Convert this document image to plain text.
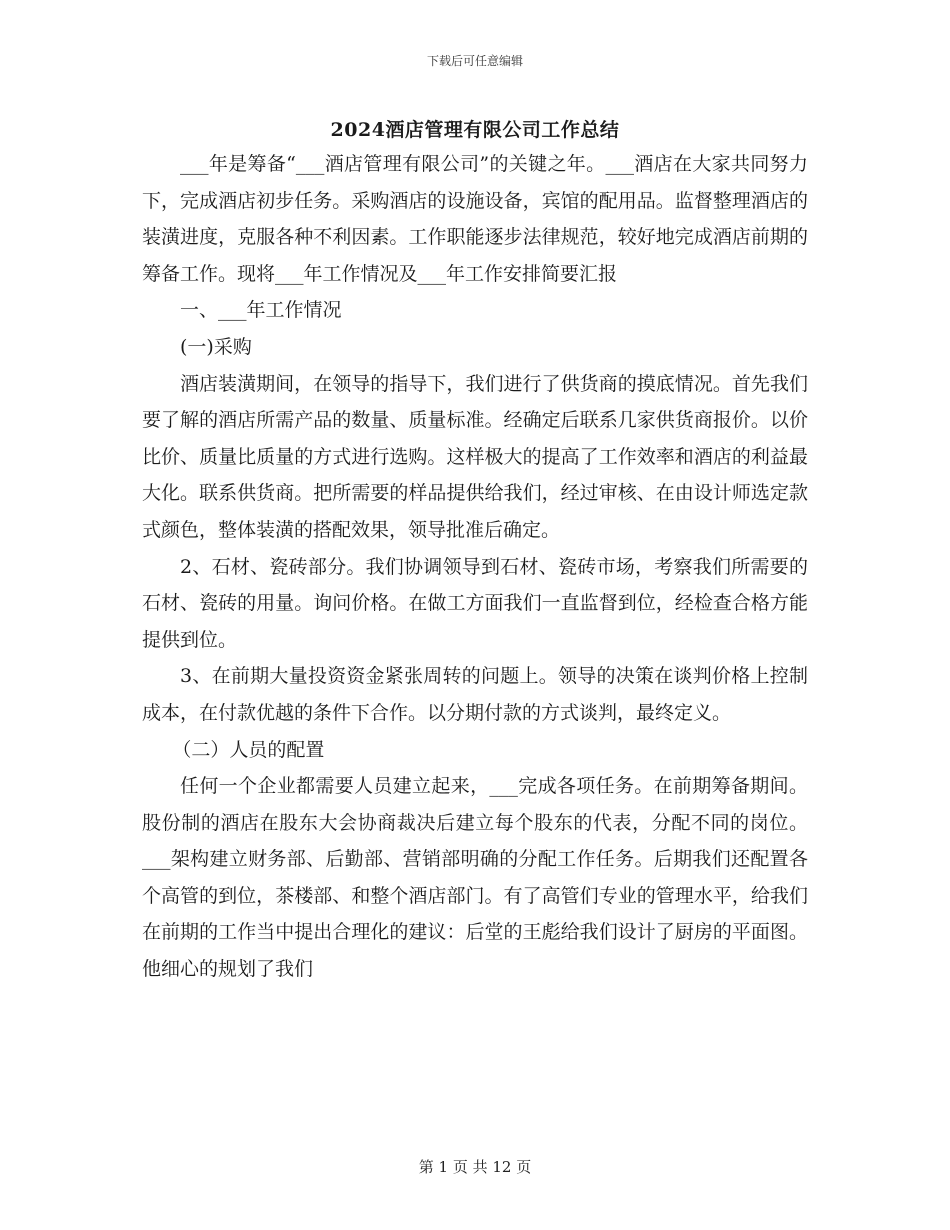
下载后可任意编辑
2024酒店管理有限公司工作总结

___年是筹备“___酒店管理有限公司”的关键之年。___酒店在大家共同努力下，完成酒店初步任务。采购酒店的设施设备，宾馆的配用品。监督整理酒店的装潢进度，克服各种不利因素。工作职能逐步法律规范，较好地完成酒店前期的筹备工作。现将___年工作情况及___年工作安排简要汇报

一、___年工作情况

(一)采购

酒店装潢期间，在领导的指导下，我们进行了供货商的摸底情况。首先我们要了解的酒店所需产品的数量、质量标准。经确定后联系几家供货商报价。以价比价、质量比质量的方式进行选购。这样极大的提高了工作效率和酒店的利益最大化。联系供货商。把所需要的样品提供给我们，经过审核、在由设计师选定款式颜色，整体装潢的搭配效果，领导批准后确定。

2、石材、瓷砖部分。我们协调领导到石材、瓷砖市场，考察我们所需要的石材、瓷砖的用量。询问价格。在做工方面我们一直监督到位，经检查合格方能提供到位。

3、在前期大量投资资金紧张周转的问题上。领导的决策在谈判价格上控制成本，在付款优越的条件下合作。以分期付款的方式谈判，最终定义。

（二）人员的配置

任何一个企业都需要人员建立起来，___完成各项任务。在前期筹备期间。股份制的酒店在股东大会协商裁决后建立每个股东的代表，分配不同的岗位。___架构建立财务部、后勤部、营销部明确的分配工作任务。后期我们还配置各个高管的到位，茶楼部、和整个酒店部门。有了高管们专业的管理水平，给我们在前期的工作当中提出合理化的建议：后堂的王彪给我们设计了厨房的平面图。他细心的规划了我们

第 1 页 共 12 页
